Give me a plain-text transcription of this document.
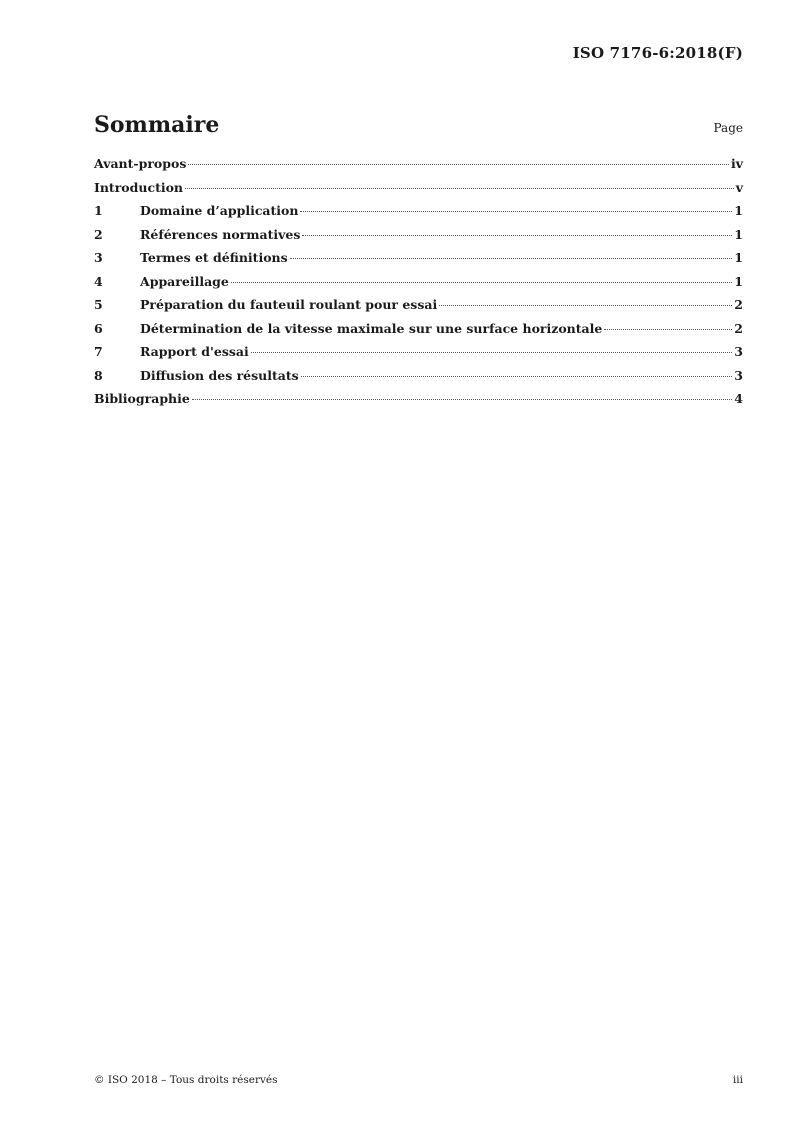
ISO 7176-6:2018(F)
Sommaire	Page
Avant-propos	iv
Introduction	v
1	Domaine d’application	1
2	Références normatives	1
3	Termes et définitions	1
4	Appareillage	1
5	Préparation du fauteuil roulant pour essai	2
6	Détermination de la vitesse maximale sur une surface horizontale	2
7	Rapport d'essai	3
8	Diffusion des résultats	3
Bibliographie	4
© ISO 2018 – Tous droits réservés	iii
